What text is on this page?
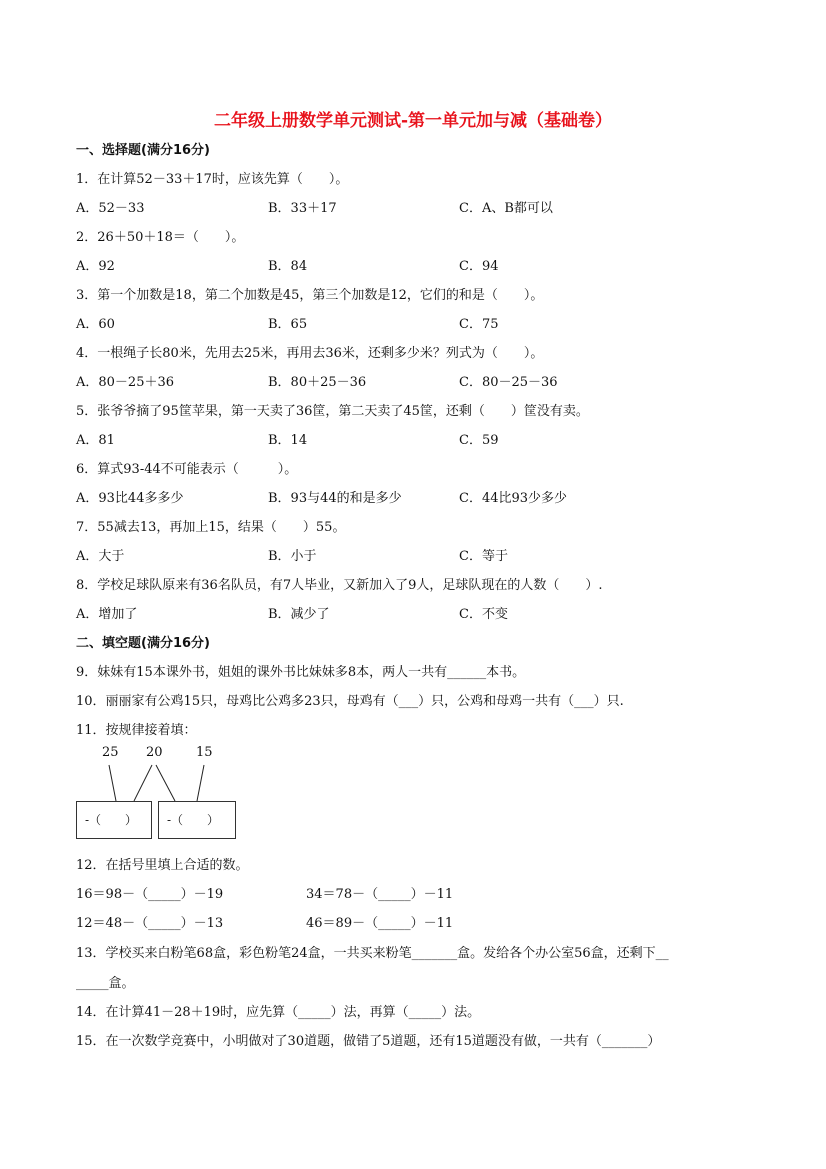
二年级上册数学单元测试-第一单元加与减（基础卷）
一、选择题(满分16分)
1．在计算52－33＋17时，应该先算（　　）。
A．52－33	B．33＋17	C．A、B都可以
2．26＋50＋18＝（　　）。
A．92	B．84	C．94
3．第一个加数是18，第二个加数是45，第三个加数是12，它们的和是（　　）。
A．60	B．65	C．75
4．一根绳子长80米，先用去25米，再用去36米，还剩多少米？列式为（　　）。
A．80－25＋36	B．80＋25－36	C．80－25－36
5．张爷爷摘了95筐苹果，第一天卖了36筐，第二天卖了45筐，还剩（　　）筐没有卖。
A．81	B．14	C．59
6．算式93-44不可能表示（　　　）。
A．93比44多多少	B．93与44的和是多少	C．44比93少多少
7．55减去13，再加上15，结果（　　）55。
A．大于	B．小于	C．等于
8．学校足球队原来有36名队员，有7人毕业，又新加入了9人，足球队现在的人数（　　）.
A．增加了	B．减少了	C．不变
二、填空题(满分16分)
9．妹妹有15本课外书，姐姐的课外书比妹妹多8本，两人一共有______本书。
10．丽丽家有公鸡15只，母鸡比公鸡多23只，母鸡有（___）只，公鸡和母鸡一共有（___）只.
11．按规律接着填：
25 20	15
-（　　） -（　　）
12．在括号里填上合适的数。
16＝98－（_____）－19	34＝78－（_____）－11
12＝48－（_____）－13	46＝89－（_____）－11
13．学校买来白粉笔68盒，彩色粉笔24盒，一共买来粉笔_______盒。发给各个办公室56盒，还剩下__
_____盒。
14．在计算41－28＋19时，应先算（_____）法，再算（_____）法。
15．在一次数学竞赛中，小明做对了30道题，做错了5道题，还有15道题没有做，一共有（_______）
